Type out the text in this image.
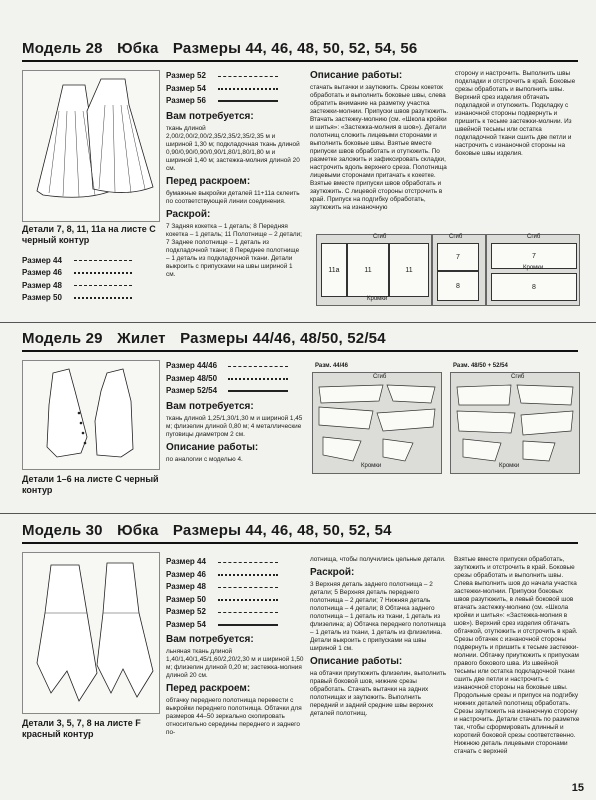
Модель 28 Юбка Размеры 44, 46, 48, 50, 52, 54, 56
Детали 7, 8, 11, 11а на листе С черный контур
Размер 44
Размер 46
Размер 48
Размер 50
Размер 52
Размер 54
Размер 56
Вам потребуется:

ткань длиной 2,00/2,00/2,00/2,35/2,35/2,35/2,35 м и шириной 1,30 м; подкладочная ткань длиной 0,90/0,90/0,90/0,90/1,80/1,80/1,80 м и шириной 1,40 м; застежка-молния длиной 20 см.

Перед раскроем:

бумажные выкройки деталей 11+11а склеить по соответствующей линии соединения.

Раскрой:

7 Задняя кокетка – 1 деталь; 8 Передняя кокетка – 1 деталь; 11 Полотнище – 2 детали; 7 Заднее полотнище – 1 деталь из подкладочной ткани; 8 Переднее полотнище – 1 деталь из подкладочной ткани. Детали выкроить с припусками на швы шириной 1 см.

Описание работы:

стачать вытачки и заутюжить. Срезы кокеток обработать и выполнить боковые швы, слева обратить внимание на разметку участка застежки-молнии. Припуски швов разутюжить. Втачать застежку-молнию (см. «Школа кройки и шитья»: «Застежка-молния в шов»). Детали полотнищ сложить лицевыми сторонами и выполнить боковые швы. Взятые вместе припуски швов обработать и отутюжить. По разметке заложить и зафиксировать складки, настрочить вдоль верхнего среза. Полотнища лицевыми сторонами притачать к кокетке. Взятые вместе припуски швов обработать и заутюжить. С лицевой стороны отстрочить в край. Припуск на подгибку обработать, заутюжить на изнаночную

сторону и настрочить. Выполнить швы подкладки и отстрочить в край. Боковые срезы обработать и выполнить швы. Верхний срез изделия обтачать подкладкой и отутюжить. Подкладку с изнаночной стороны подвернуть и пришить к тесьме застежки-молнии. Из швейной тесьмы или остатка подкладочной ткани сшить две петли и настрочить с изнаночной стороны на боковые швы изделия.

Сгиб
11а	11	11
Кромки
Сгиб
7
8
Сгиб
7
8
Кромки
Модель 29 Жилет Размеры 44/46, 48/50, 52/54
Детали 1–6 на листе С черный контур
Размер 44/46
Размер 48/50
Размер 52/54
Вам потребуется:

ткань длиной 1,25/1,30/1,30 м и шириной 1,45 м; флизелин длиной 0,80 м; 4 металлические пуговицы диаметром 2 см.

Описание работы:

по аналогии с моделью 4.

Разм. 44/46
Сгиб
Кромки
Разм. 48/50 + 52/54
Сгиб
Кромки
Модель 30 Юбка Размеры 44, 46, 48, 50, 52, 54
Детали 3, 5, 7, 8 на листе F красный контур
Размер 44
Размер 46
Размер 48
Размер 50
Размер 52
Размер 54
Вам потребуется:

льняная ткань длиной 1,40/1,40/1,45/1,60/2,20/2,30 м и шириной 1,50 м; флизелин длиной 0,20 м; застежка-молния длиной 20 см.

Перед раскроем:

обтачку переднего полотнища перевести с выкройки переднего полотнища. Обтачки для размеров 44–50 зеркально скопировать относительно середины переднего и заднего по-

лотнища, чтобы получились цельные детали.

Раскрой:

3 Верхняя деталь заднего полотнища – 2 детали; 5 Верхняя деталь переднего полотнища – 2 детали; 7 Нижняя деталь полотнища – 4 детали; 8 Обтачка заднего полотнища – 1 деталь из ткани, 1 деталь из флизелина; а) Обтачка переднего полотнища – 1 деталь из ткани, 1 деталь из флизелина. Детали выкроить с припусками на швы шириной 1 см.

Описание работы:

на обтачки приутюжить флизелин, выполнить правый боковой шов, нижние срезы обработать. Стачать вытачки на задних полотнищах и заутюжить. Выполнить передний и задний средние швы верхних деталей полотнищ.

Взятые вместе припуски обработать, заутюжить и отстрочить в край. Боковые срезы обработать и выполнить швы. Слева выполнить шов до начала участка застежки-молнии. Припуски боковых швов разутюжить, в левый боковой шов втачать застежку-молнию (см. «Школа кройки и шитья»: «Застежка-молния в шов»). Верхний срез изделия обтачать обтачкой, отутюжить и отстрочить в край. Срезы обтачек с изнаночной стороны подвернуть и пришить к тесьме застежки-молнии. Обтачку приутюжить к припускам правого бокового шва. Из швейной тесьмы или остатка подкладочной ткани сшить две петли и настрочить с изнаночной стороны на боковые швы. Продольные срезы и припуск на подгибку нижних деталей полотнищ обработать. Срезы заутюжить на изнаночную сторону и настрочить. Детали стачать по разметке так, чтобы сформировать длинный и короткий боковой срезы соответственно. Нижнюю деталь лицевыми сторонами стачать с верхней

15
